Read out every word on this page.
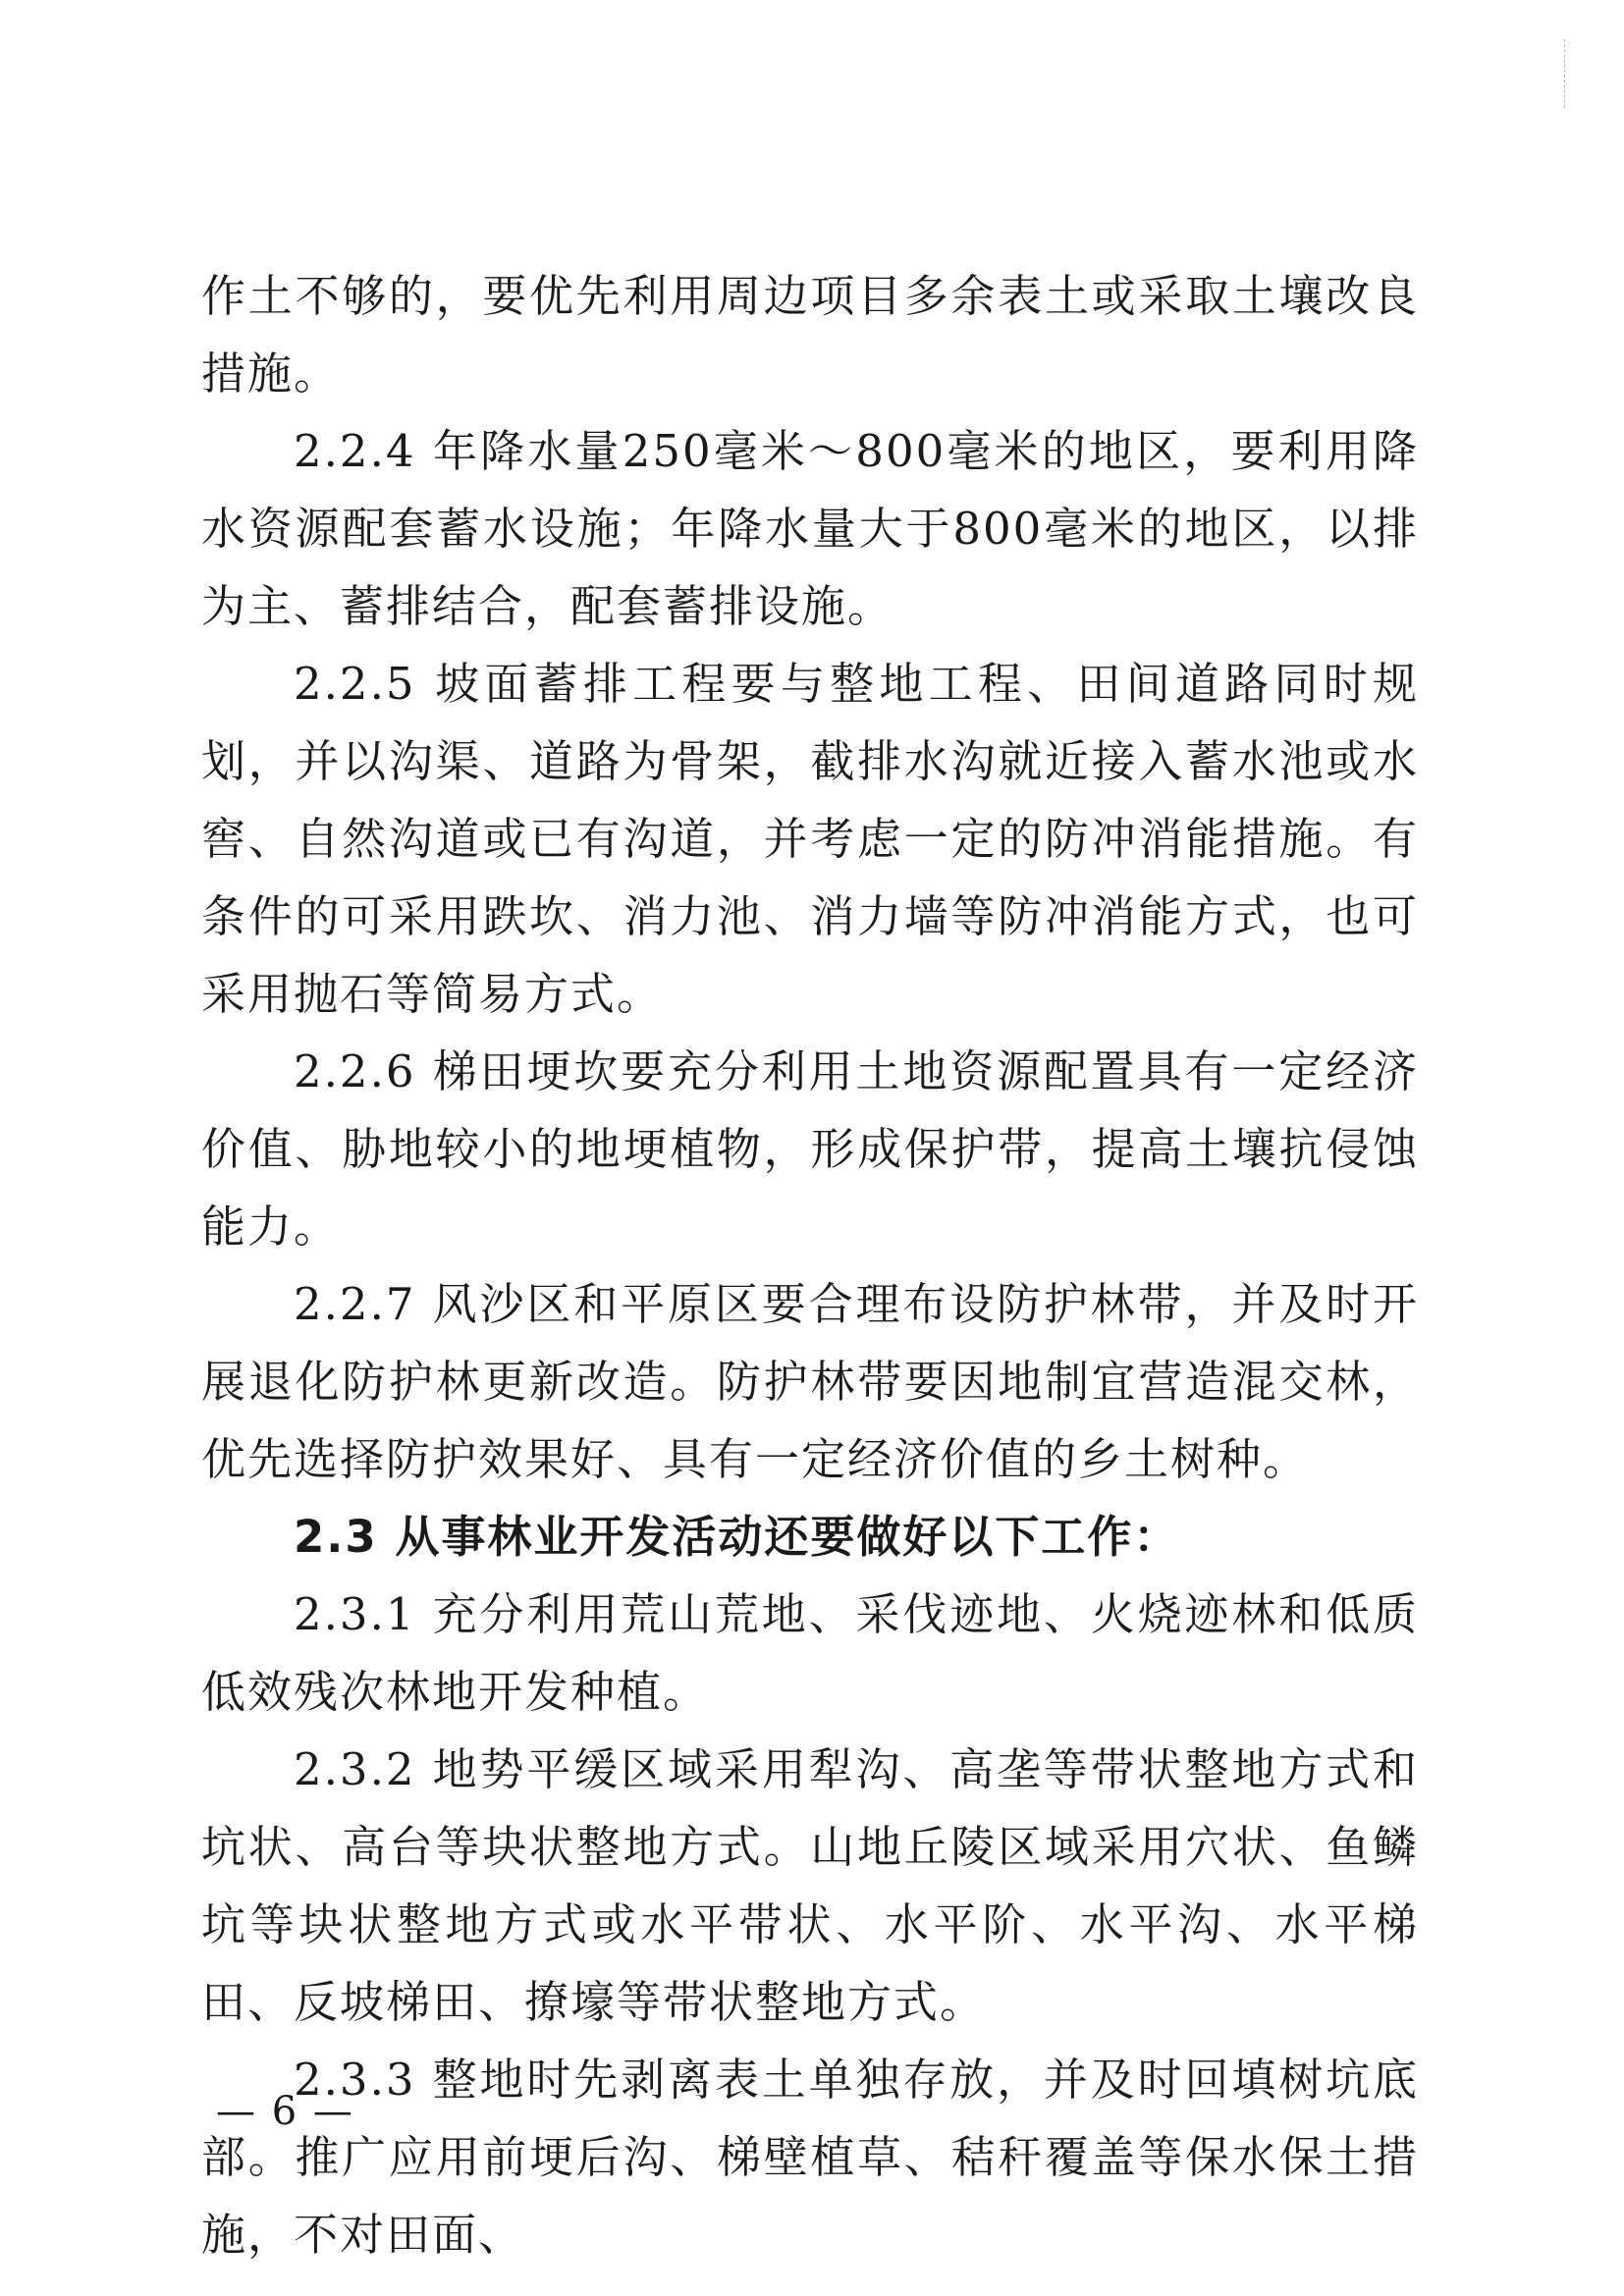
作土不够的，要优先利用周边项目多余表土或采取土壤改良措施。

2.2.4 年降水量250毫米～800毫米的地区，要利用降水资源配套蓄水设施；年降水量大于800毫米的地区，以排为主、蓄排结合，配套蓄排设施。

2.2.5 坡面蓄排工程要与整地工程、田间道路同时规划，并以沟渠、道路为骨架，截排水沟就近接入蓄水池或水窖、自然沟道或已有沟道，并考虑一定的防冲消能措施。有条件的可采用跌坎、消力池、消力墙等防冲消能方式，也可采用抛石等简易方式。

2.2.6 梯田埂坎要充分利用土地资源配置具有一定经济价值、胁地较小的地埂植物，形成保护带，提高土壤抗侵蚀能力。

2.2.7 风沙区和平原区要合理布设防护林带，并及时开展退化防护林更新改造。防护林带要因地制宜营造混交林，优先选择防护效果好、具有一定经济价值的乡土树种。

2.3 从事林业开发活动还要做好以下工作：

2.3.1 充分利用荒山荒地、采伐迹地、火烧迹林和低质低效残次林地开发种植。

2.3.2 地势平缓区域采用犁沟、高垄等带状整地方式和坑状、高台等块状整地方式。山地丘陵区域采用穴状、鱼鳞坑等块状整地方式或水平带状、水平阶、水平沟、水平梯田、反坡梯田、撩壕等带状整地方式。

2.3.3 整地时先剥离表土单独存放，并及时回填树坑底部。推广应用前埂后沟、梯壁植草、秸秆覆盖等保水保土措施，不对田面、

— 6 —
